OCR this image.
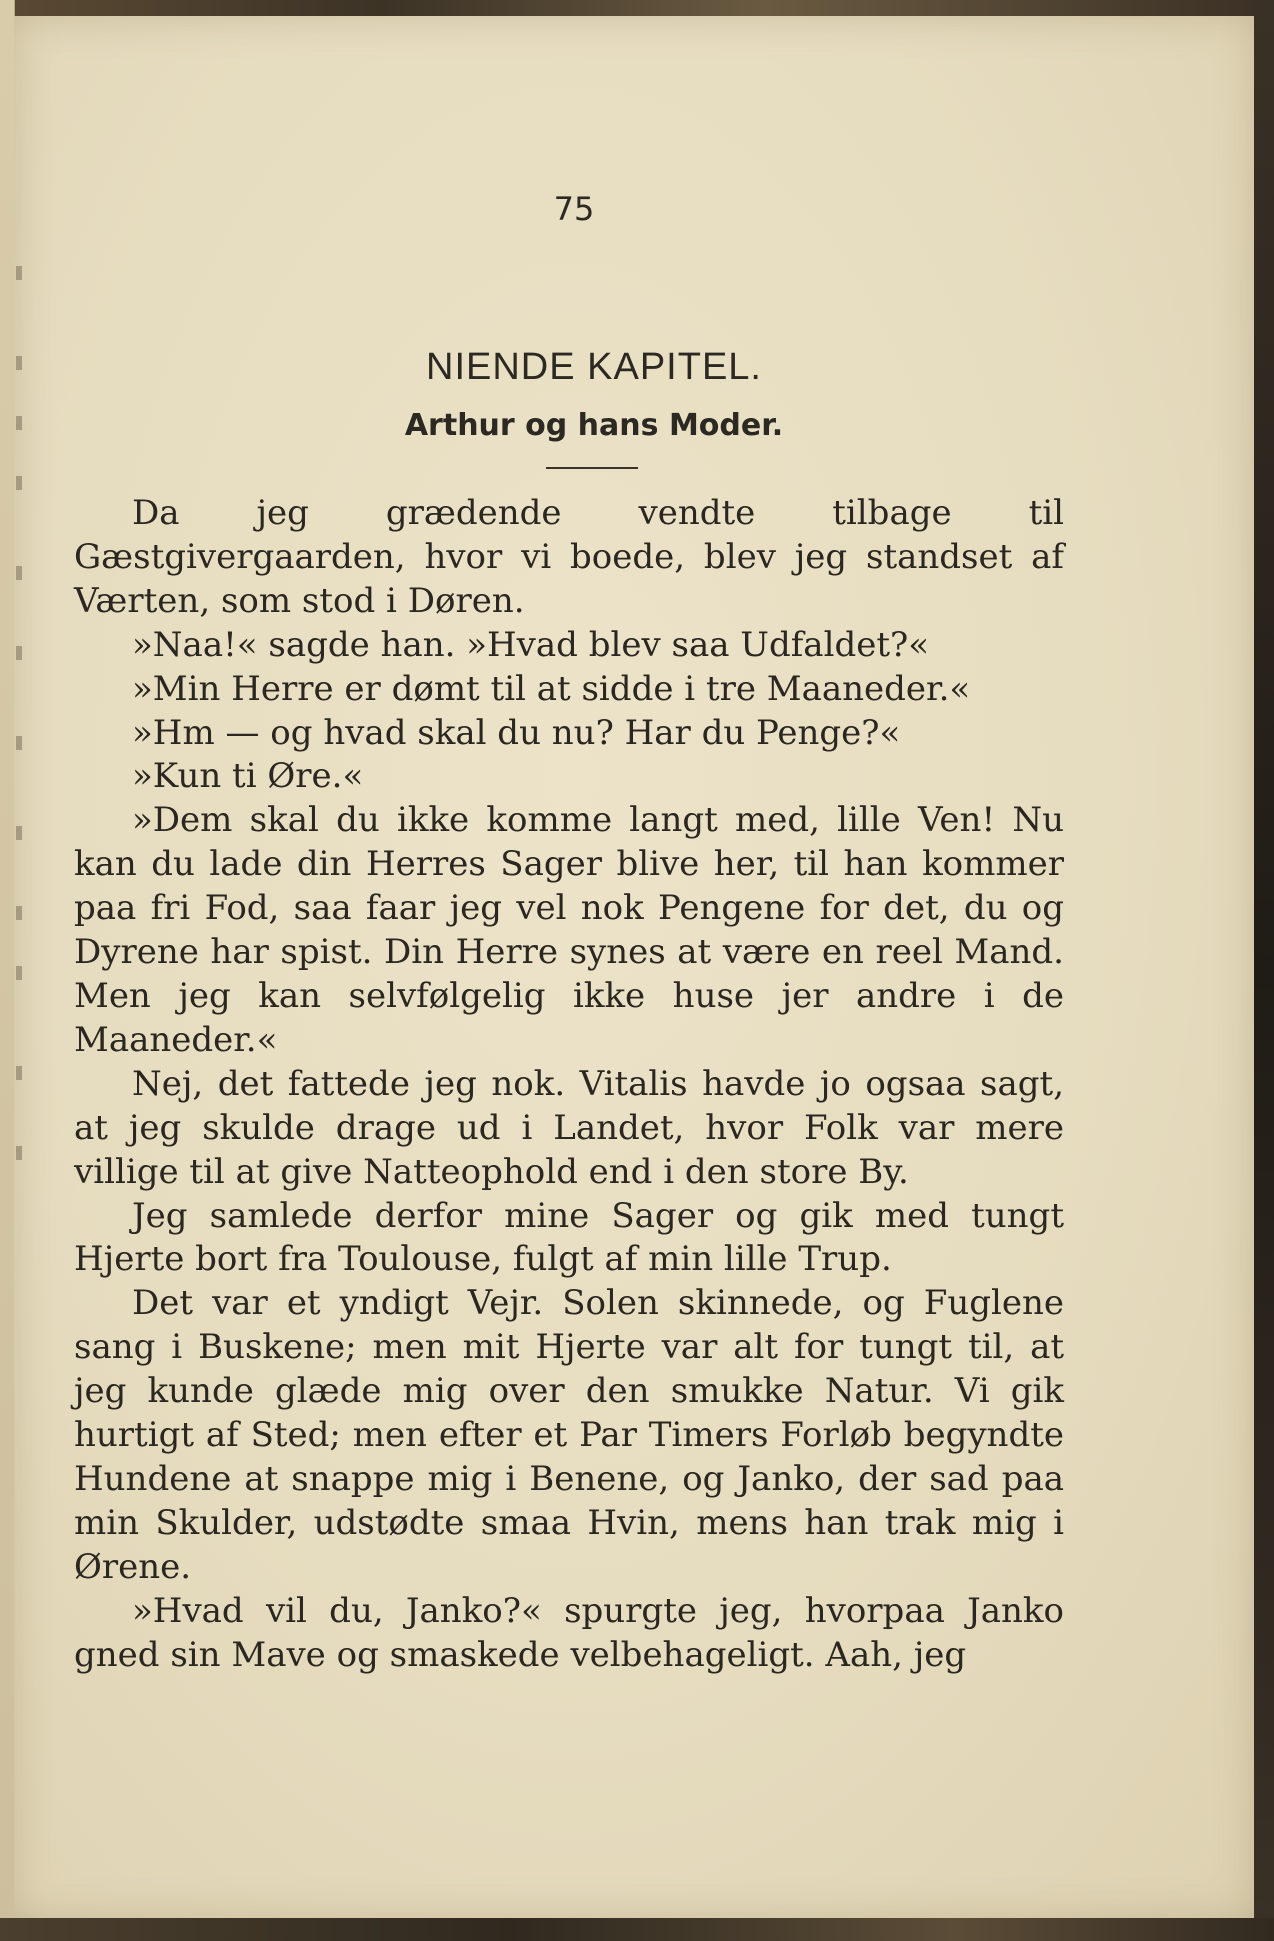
75
NIENDE KAPITEL.
Arthur og hans Moder.

Da jeg grædende vendte tilbage til Gæstgivergaarden, hvor vi boede, blev jeg standset af Værten, som stod i Døren.

»Naa!« sagde han. »Hvad blev saa Udfaldet?«

»Min Herre er dømt til at sidde i tre Maaneder.«

»Hm — og hvad skal du nu? Har du Penge?«

»Kun ti Øre.«

»Dem skal du ikke komme langt med, lille Ven! Nu kan du lade din Herres Sager blive her, til han kommer paa fri Fod, saa faar jeg vel nok Pengene for det, du og Dyrene har spist. Din Herre synes at være en reel Mand. Men jeg kan selvfølgelig ikke huse jer andre i de Maaneder.«

Nej, det fattede jeg nok. Vitalis havde jo ogsaa sagt, at jeg skulde drage ud i Landet, hvor Folk var mere villige til at give Natteophold end i den store By.

Jeg samlede derfor mine Sager og gik med tungt Hjerte bort fra Toulouse, fulgt af min lille Trup.

Det var et yndigt Vejr. Solen skinnede, og Fuglene sang i Buskene; men mit Hjerte var alt for tungt til, at jeg kunde glæde mig over den smukke Natur. Vi gik hurtigt af Sted; men efter et Par Timers Forløb begyndte Hundene at snappe mig i Benene, og Janko, der sad paa min Skulder, udstødte smaa Hvin, mens han trak mig i Ørene.

»Hvad vil du, Janko?« spurgte jeg, hvorpaa Janko gned sin Mave og smaskede velbehageligt. Aah, jeg
